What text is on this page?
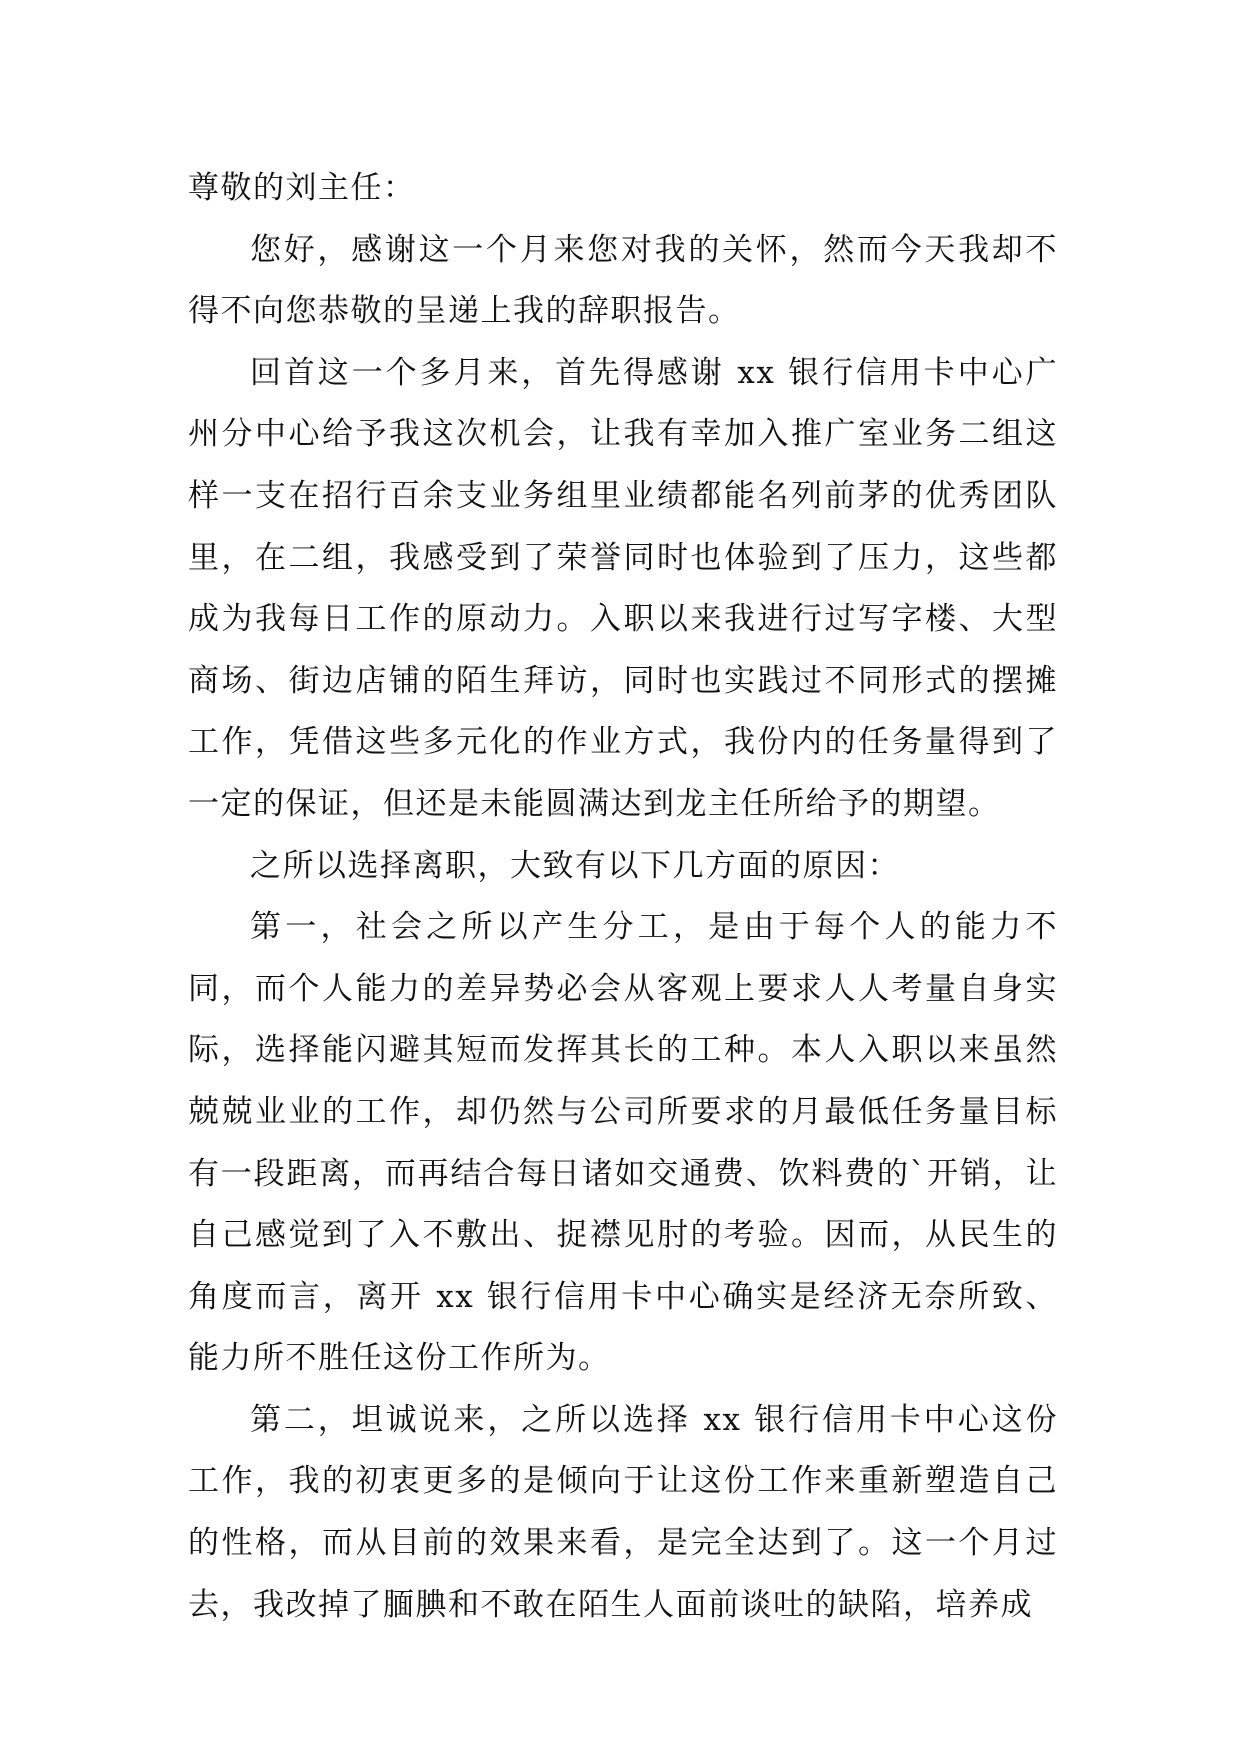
尊敬的刘主任：

您好，感谢这一个月来您对我的关怀，然而今天我却不得不向您恭敬的呈递上我的辞职报告。

回首这一个多月来，首先得感谢 xx 银行信用卡中心广州分中心给予我这次机会，让我有幸加入推广室业务二组这样一支在招行百余支业务组里业绩都能名列前茅的优秀团队里，在二组，我感受到了荣誉同时也体验到了压力，这些都成为我每日工作的原动力。入职以来我进行过写字楼、大型商场、街边店铺的陌生拜访，同时也实践过不同形式的摆摊工作，凭借这些多元化的作业方式，我份内的任务量得到了一定的保证，但还是未能圆满达到龙主任所给予的期望。

之所以选择离职，大致有以下几方面的原因：

第一，社会之所以产生分工，是由于每个人的能力不同，而个人能力的差异势必会从客观上要求人人考量自身实际，选择能闪避其短而发挥其长的工种。本人入职以来虽然兢兢业业的工作，却仍然与公司所要求的月最低任务量目标有一段距离，而再结合每日诸如交通费、饮料费的`开销，让自己感觉到了入不敷出、捉襟见肘的考验。因而，从民生的角度而言，离开 xx 银行信用卡中心确实是经济无奈所致、能力所不胜任这份工作所为。

第二，坦诚说来，之所以选择 xx 银行信用卡中心这份工作，我的初衷更多的是倾向于让这份工作来重新塑造自己的性格，而从目前的效果来看，是完全达到了。这一个月过去，我改掉了腼腆和不敢在陌生人面前谈吐的缺陷，培养成
